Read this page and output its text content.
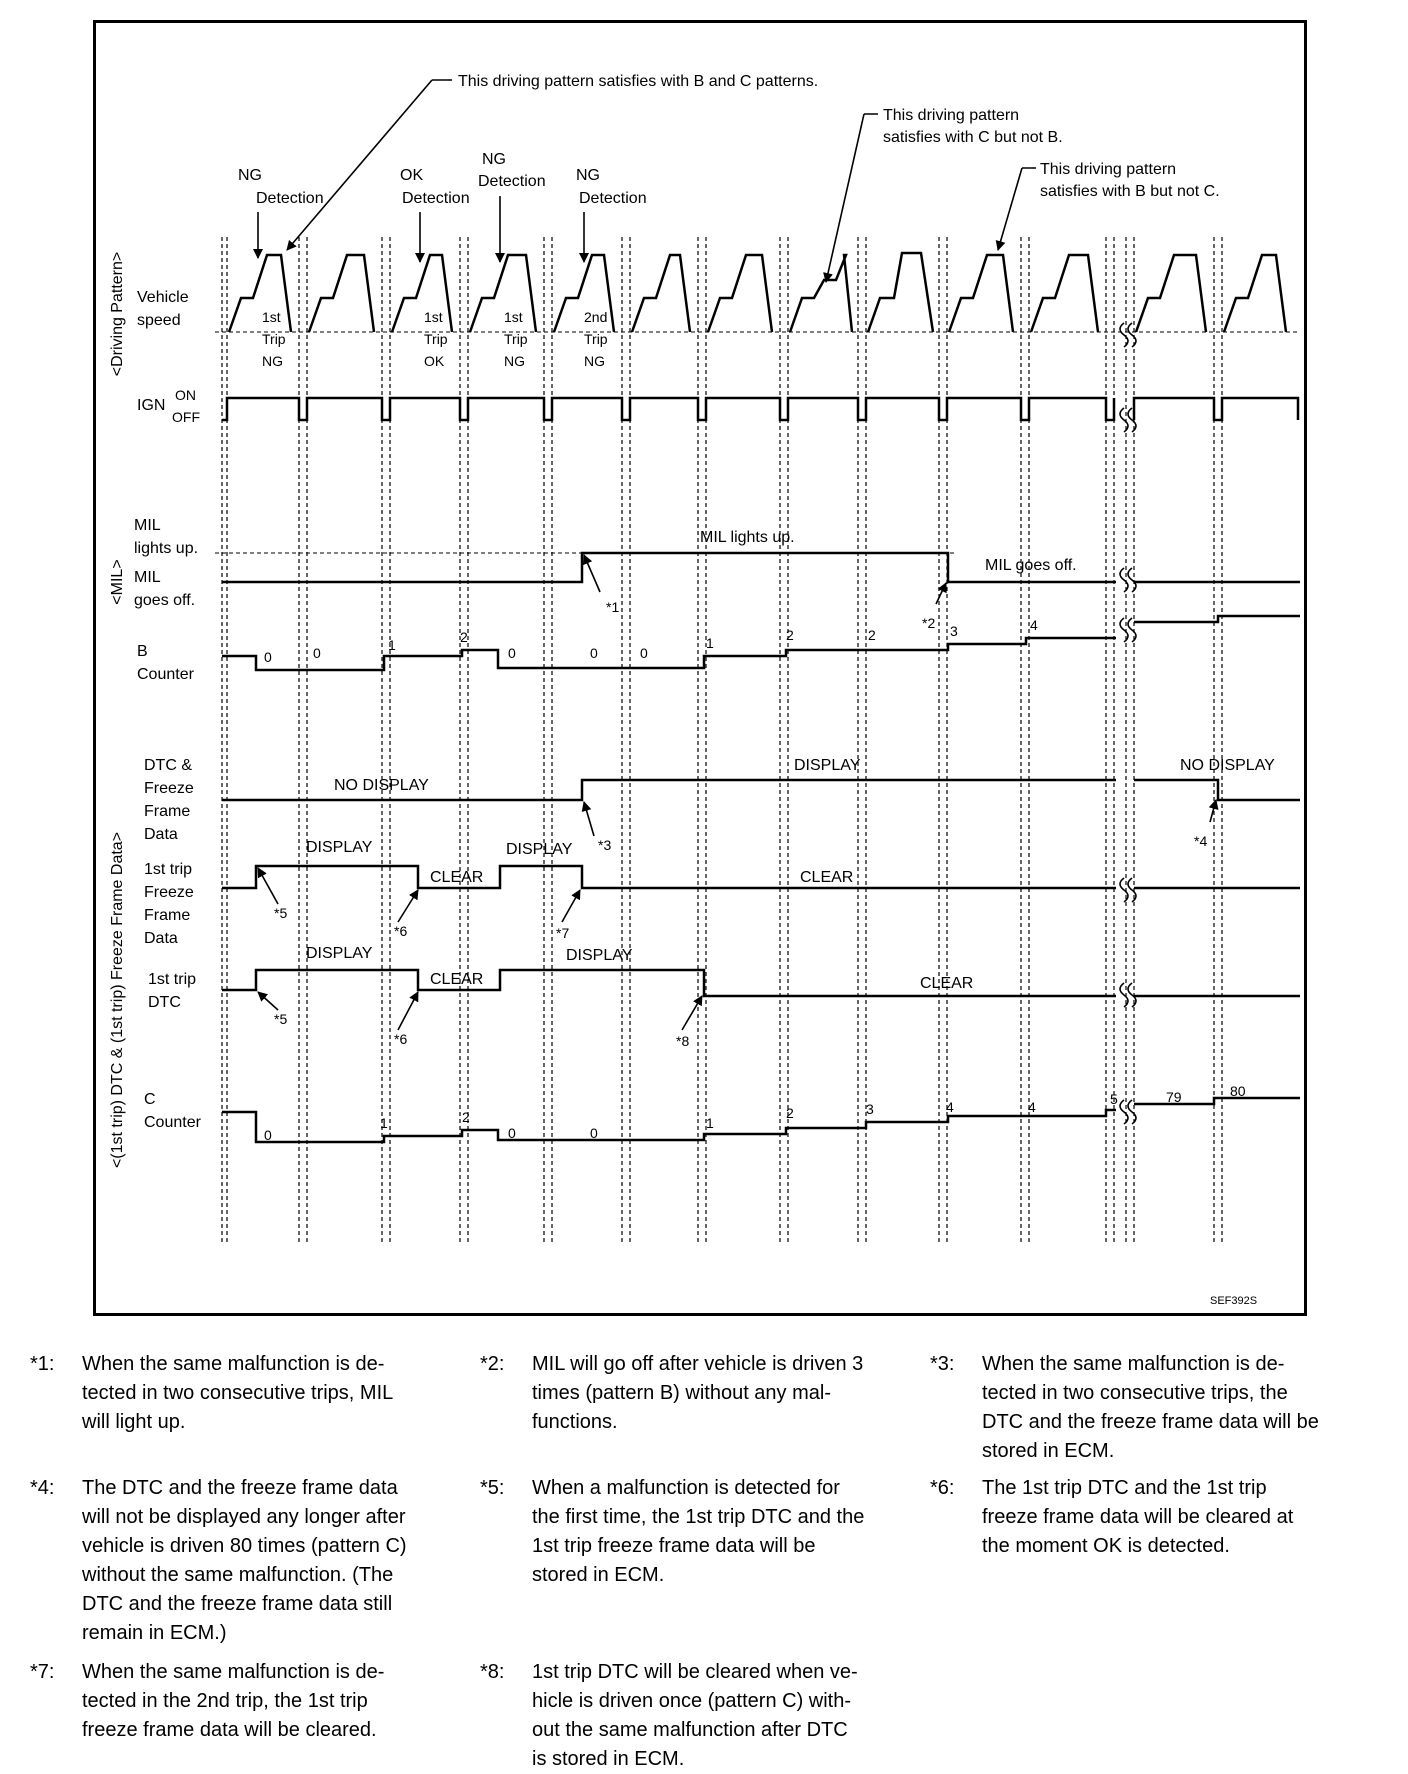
This driving pattern satisfies with B and C patterns.
This driving pattern
satisfies with C but not B.
This driving pattern
satisfies with B but not C.
NG
Detection
OK
Detection
NG
Detection NG
Detection
1st
Trip
NG
1st
Trip
OK
1st
Trip
NG
2nd
Trip
NG
<Driving Pattern>
<MIL>
<(1st trip) DTC & (1st trip) Freeze Frame Data>
Vehicle
speed
IGN
ON
OFF
MIL
lights up.
MIL
goes off.
B
Counter
DTC &
Freeze
Frame
Data
1st trip
Freeze
Frame
Data
1st trip
DTC
C
Counter
MIL lights up.
MIL goes off.
NO DISPLAY
DISPLAY	NO DISPLAY
DISPLAY
CLEAR
DISPLAY
CLEAR
DISPLAY
CLEAR
DISPLAY
CLEAR
0	0	1	2
0	0	0
1	2	2	3	4
0
1	2
0	0
1
2	3	4	4	5	79	80
*1
*2
*3	*4
*5
*6	*7
*5
*6	*8
SEF392S
*1: When the same malfunction is de-
tected in two consecutive trips, MIL
will light up.
*2: MIL will go off after vehicle is driven 3
times (pattern B) without any mal-
functions.
*3: When the same malfunction is de-
tected in two consecutive trips, the
DTC and the freeze frame data will be
stored in ECM.
*4: The DTC and the freeze frame data
will not be displayed any longer after
vehicle is driven 80 times (pattern C)
without the same malfunction. (The
DTC and the freeze frame data still
remain in ECM.)
*5: When a malfunction is detected for
the first time, the 1st trip DTC and the
1st trip freeze frame data will be
stored in ECM.
*6: The 1st trip DTC and the 1st trip
freeze frame data will be cleared at
the moment OK is detected.
*7: When the same malfunction is de-
tected in the 2nd trip, the 1st trip
freeze frame data will be cleared.
*8: 1st trip DTC will be cleared when ve-
hicle is driven once (pattern C) with-
out the same malfunction after DTC
is stored in ECM.
